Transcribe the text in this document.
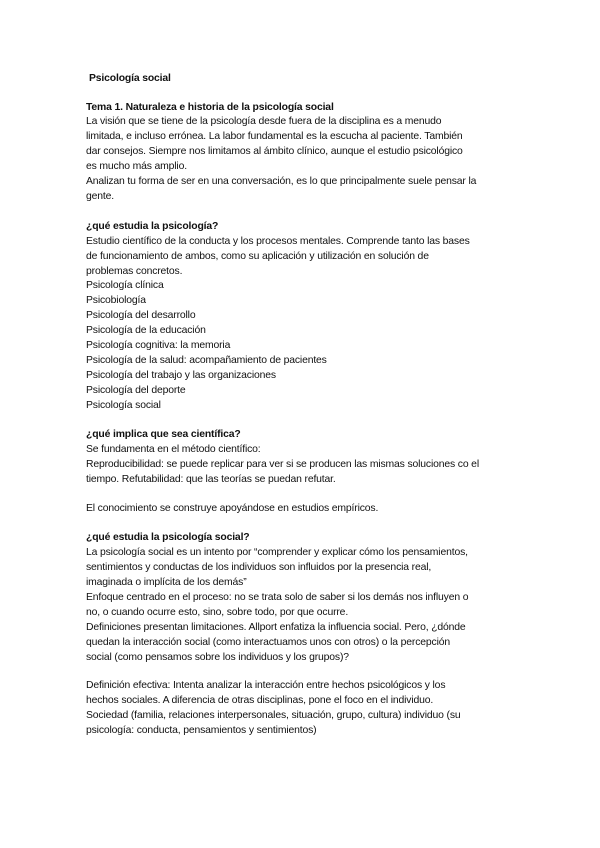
Psicología social
Tema 1. Naturaleza e historia de la psicología social
La visión que se tiene de la psicología desde fuera de la disciplina es a menudo
limitada, e incluso errónea. La labor fundamental es la escucha al paciente. También
dar consejos. Siempre nos limitamos al ámbito clínico, aunque el estudio psicológico
es mucho más amplio.
Analizan tu forma de ser en una conversación, es lo que principalmente suele pensar la
gente.
¿qué estudia la psicología?
Estudio científico de la conducta y los procesos mentales. Comprende tanto las bases
de funcionamiento de ambos, como su aplicación y utilización en solución de
problemas concretos.
Psicología clínica
Psicobiología
Psicología del desarrollo
Psicología de la educación
Psicología cognitiva: la memoria
Psicología de la salud: acompañamiento de pacientes
Psicología del trabajo y las organizaciones
Psicología del deporte
Psicología social
¿qué implica que sea científica?
Se fundamenta en el método científico:
Reproducibilidad: se puede replicar para ver si se producen las mismas soluciones co el
tiempo. Refutabilidad: que las teorías se puedan refutar.
El conocimiento se construye apoyándose en estudios empíricos.
¿qué estudia la psicología social?
La psicología social es un intento por “comprender y explicar cómo los pensamientos,
sentimientos y conductas de los individuos son influidos por la presencia real,
imaginada o implícita de los demás”
Enfoque centrado en el proceso: no se trata solo de saber si los demás nos influyen o
no, o cuando ocurre esto, sino, sobre todo, por que ocurre.
Definiciones presentan limitaciones. Allport enfatiza la influencia social. Pero, ¿dónde
quedan la interacción social (como interactuamos unos con otros) o la percepción
social (como pensamos sobre los individuos y los grupos)?
Definición efectiva: Intenta analizar la interacción entre hechos psicológicos y los
hechos sociales. A diferencia de otras disciplinas, pone el foco en el individuo.
Sociedad (familia, relaciones interpersonales, situación, grupo, cultura) individuo (su
psicología: conducta, pensamientos y sentimientos)
